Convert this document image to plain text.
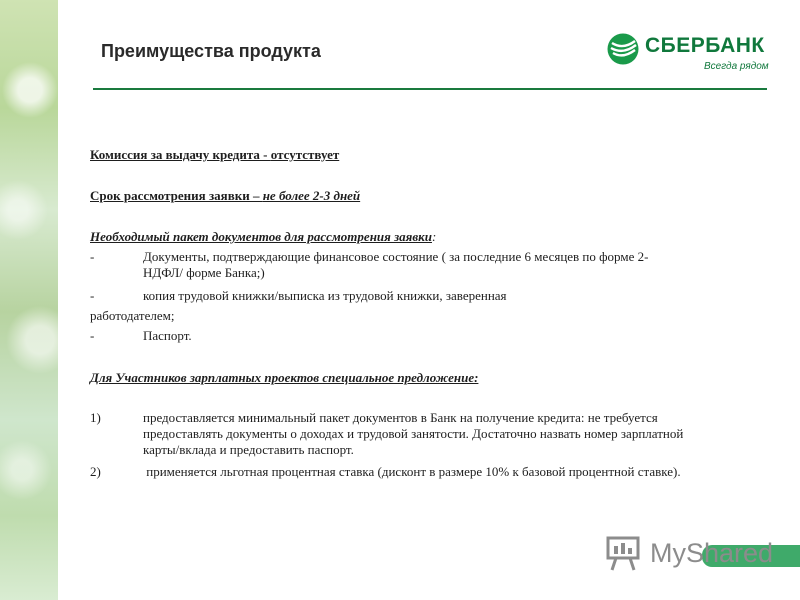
Преимущества продукта	СБЕРБАНК
Всегда рядом

Комиссия за выдачу кредита - отсутствует

Срок рассмотрения заявки – не более 2-3 дней

Необходимый пакет документов для рассмотрения заявки:

-	Документы, подтверждающие финансовое состояние ( за последние 6 месяцев по форме 2-
НДФЛ/ форме Банка;)
-	копия трудовой книжки/выписка из трудовой книжки, заверенная

работодателем;

-	Паспорт.

Для Участников зарплатных проектов специальное предложение:

1)	предоставляется минимальный пакет документов в Банк на получение кредита: не требуется
предоставлять документы о доходах и трудовой занятости. Достаточно назвать номер зарплатной
карты/вклада и предоставить паспорт.
2)	применяется льготная процентная ставка (дисконт в размере 10% к базовой процентной ставке).
MyShared
